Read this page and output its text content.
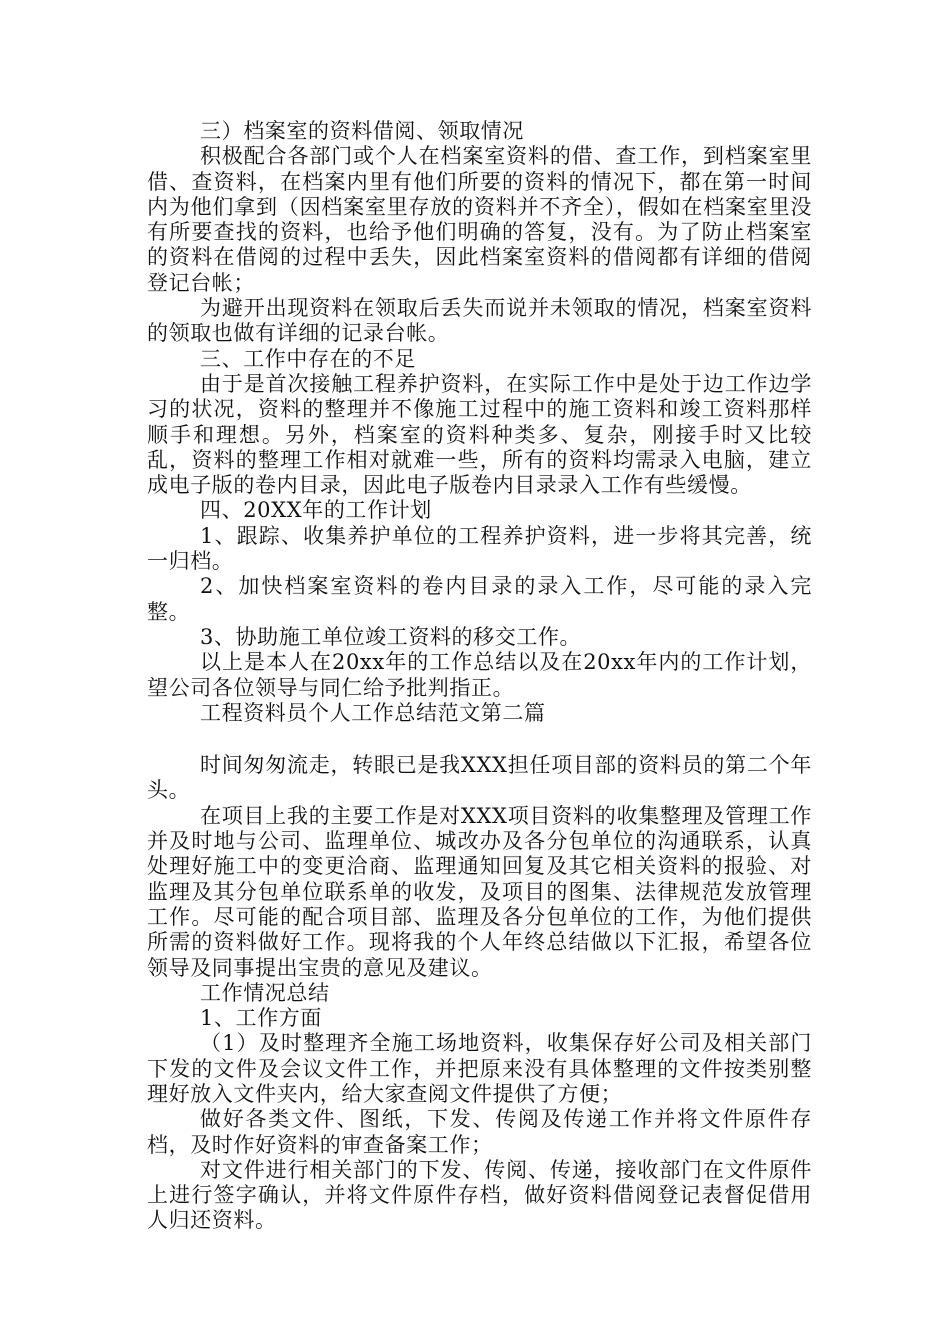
三）档案室的资料借阅、领取情况

积极配合各部门或个人在档案室资料的借、查工作，到档案室里借、查资料，在档案内里有他们所要的资料的情况下，都在第一时间内为他们拿到（因档案室里存放的资料并不齐全），假如在档案室里没有所要查找的资料，也给予他们明确的答复，没有。为了防止档案室的资料在借阅的过程中丢失，因此档案室资料的借阅都有详细的借阅登记台帐；

为避开出现资料在领取后丢失而说并未领取的情况，档案室资料的领取也做有详细的记录台帐。

三、工作中存在的不足

由于是首次接触工程养护资料，在实际工作中是处于边工作边学习的状况，资料的整理并不像施工过程中的施工资料和竣工资料那样顺手和理想。另外，档案室的资料种类多、复杂，刚接手时又比较乱，资料的整理工作相对就难一些，所有的资料均需录入电脑，建立成电子版的卷内目录，因此电子版卷内目录录入工作有些缓慢。

四、20XX年的工作计划

1、跟踪、收集养护单位的工程养护资料，进一步将其完善，统一归档。

2、加快档案室资料的卷内目录的录入工作，尽可能的录入完整。

3、协助施工单位竣工资料的移交工作。

以上是本人在20xx年的工作总结以及在20xx年内的工作计划，望公司各位领导与同仁给予批判指正。

工程资料员个人工作总结范文第二篇

时间匆匆流走，转眼已是我XXX担任项目部的资料员的第二个年头。

在项目上我的主要工作是对XXX项目资料的收集整理及管理工作并及时地与公司、监理单位、城改办及各分包单位的沟通联系，认真处理好施工中的变更洽商、监理通知回复及其它相关资料的报验、对监理及其分包单位联系单的收发，及项目的图集、法律规范发放管理工作。尽可能的配合项目部、监理及各分包单位的工作，为他们提供所需的资料做好工作。现将我的个人年终总结做以下汇报，希望各位领导及同事提出宝贵的意见及建议。

工作情况总结

1、工作方面

（1）及时整理齐全施工场地资料，收集保存好公司及相关部门下发的文件及会议文件工作，并把原来没有具体整理的文件按类别整理好放入文件夹内，给大家查阅文件提供了方便；

做好各类文件、图纸，下发、传阅及传递工作并将文件原件存档，及时作好资料的审查备案工作；

对文件进行相关部门的下发、传阅、传递，接收部门在文件原件上进行签字确认，并将文件原件存档，做好资料借阅登记表督促借用人归还资料。
